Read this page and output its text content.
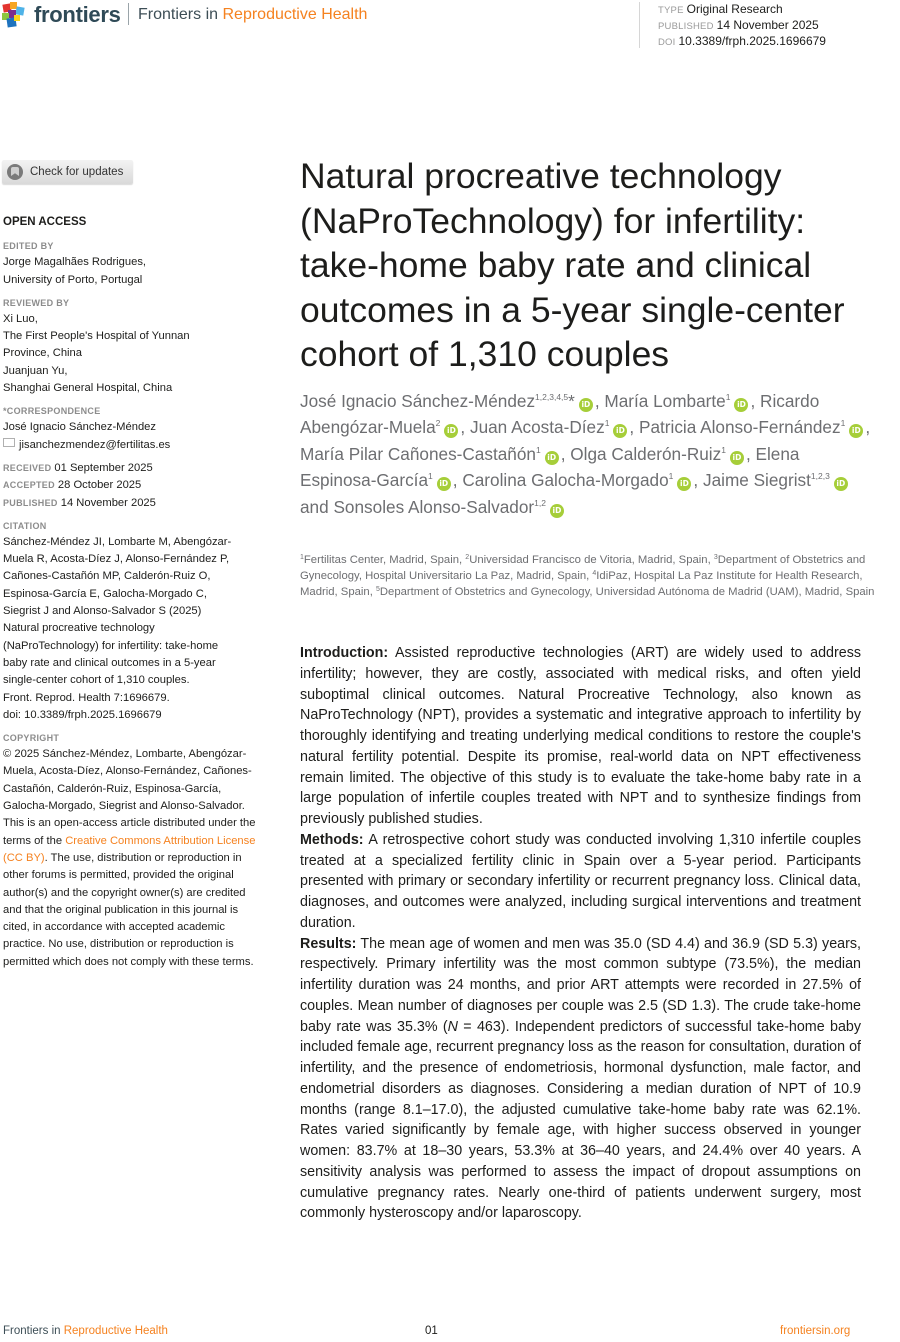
frontiers Frontiers in Reproductive Health	TYPE Original Research
PUBLISHED 14 November 2025
DOI 10.3389/frph.2025.1696679
Check for updates
OPEN ACCESS
EDITED BY
Jorge Magalhães Rodrigues,
University of Porto, Portugal
REVIEWED BY
Xi Luo,
The First People's Hospital of Yunnan
Province, China
Juanjuan Yu,
Shanghai General Hospital, China
*CORRESPONDENCE
José Ignacio Sánchez-Méndez
jisanchezmendez@fertilitas.es
RECEIVED 01 September 2025
ACCEPTED 28 October 2025
PUBLISHED 14 November 2025
CITATION
Sánchez-Méndez JI, Lombarte M, Abengózar-
Muela R, Acosta-Díez J, Alonso-Fernández P,
Cañones-Castañón MP, Calderón-Ruiz O,
Espinosa-García E, Galocha-Morgado C,
Siegrist J and Alonso-Salvador S (2025)
Natural procreative technology
(NaProTechnology) for infertility: take-home
baby rate and clinical outcomes in a 5-year
single-center cohort of 1,310 couples.
Front. Reprod. Health 7:1696679.
doi: 10.3389/frph.2025.1696679
COPYRIGHT
© 2025 Sánchez-Méndez, Lombarte, Abengózar-Muela, Acosta-Díez, Alonso-Fernández, Cañones-Castañón, Calderón-Ruiz, Espinosa-García, Galocha-Morgado, Siegrist and Alonso-Salvador. This is an open-access article distributed under the terms of the Creative Commons Attribution License (CC BY). The use, distribution or reproduction in other forums is permitted, provided the original author(s) and the copyright owner(s) are credited and that the original publication in this journal is cited, in accordance with accepted academic practice. No use, distribution or reproduction is permitted which does not comply with these terms.
Natural procreative technology (NaProTechnology) for infertility: take-home baby rate and clinical outcomes in a 5-year single-center cohort of 1,310 couples
José Ignacio Sánchez-Méndez$^{1,2,3,4,5}$* iD , María Lombarte$^1$iD , Ricardo Abengózar-Muela$^2$iD , Juan Acosta-Díez$^1$iD , Patricia Alonso-Fernández$^1$iD , María Pilar Cañones-Castañón$^1$iD , Olga Calderón-Ruiz$^1$iD , Elena Espinosa-García$^1$iD , Carolina Galocha-Morgado$^1$iD , Jaime Siegrist$^{1,2,3}$iD and Sonsoles Alonso-Salvador$^{1,2}$iD
$^1$Fertilitas Center, Madrid, Spain, $^2$Universidad Francisco de Vitoria, Madrid, Spain, $^3$Department of Obstetrics and Gynecology, Hospital Universitario La Paz, Madrid, Spain, $^4$IdiPaz, Hospital La Paz Institute for Health Research, Madrid, Spain, $^5$Department of Obstetrics and Gynecology, Universidad Autónoma de Madrid (UAM), Madrid, Spain

Introduction: Assisted reproductive technologies (ART) are widely used to address infertility; however, they are costly, associated with medical risks, and often yield suboptimal clinical outcomes. Natural Procreative Technology, also known as NaProTechnology (NPT), provides a systematic and integrative approach to infertility by thoroughly identifying and treating underlying medical conditions to restore the couple's natural fertility potential. Despite its promise, real-world data on NPT effectiveness remain limited. The objective of this study is to evaluate the take-home baby rate in a large population of infertile couples treated with NPT and to synthesize findings from previously published studies.

Methods: A retrospective cohort study was conducted involving 1,310 infertile couples treated at a specialized fertility clinic in Spain over a 5-year period. Participants presented with primary or secondary infertility or recurrent pregnancy loss. Clinical data, diagnoses, and outcomes were analyzed, including surgical interventions and treatment duration.

Results: The mean age of women and men was 35.0 (SD 4.4) and 36.9 (SD 5.3) years, respectively. Primary infertility was the most common subtype (73.5%), the median infertility duration was 24 months, and prior ART attempts were recorded in 27.5% of couples. Mean number of diagnoses per couple was 2.5 (SD 1.3). The crude take-home baby rate was 35.3% (N = 463). Independent predictors of successful take-home baby included female age, recurrent pregnancy loss as the reason for consultation, duration of infertility, and the presence of endometriosis, hormonal dysfunction, male factor, and endometrial disorders as diagnoses. Considering a median duration of NPT of 10.9 months (range 8.1–17.0), the adjusted cumulative take-home baby rate was 62.1%. Rates varied significantly by female age, with higher success observed in younger women: 83.7% at 18–30 years, 53.3% at 36–40 years, and 24.4% over 40 years. A sensitivity analysis was performed to assess the impact of dropout assumptions on cumulative pregnancy rates. Nearly one-third of patients underwent surgery, most commonly hysteroscopy and/or laparoscopy.

Frontiers in Reproductive Health	01	frontiersin.org
